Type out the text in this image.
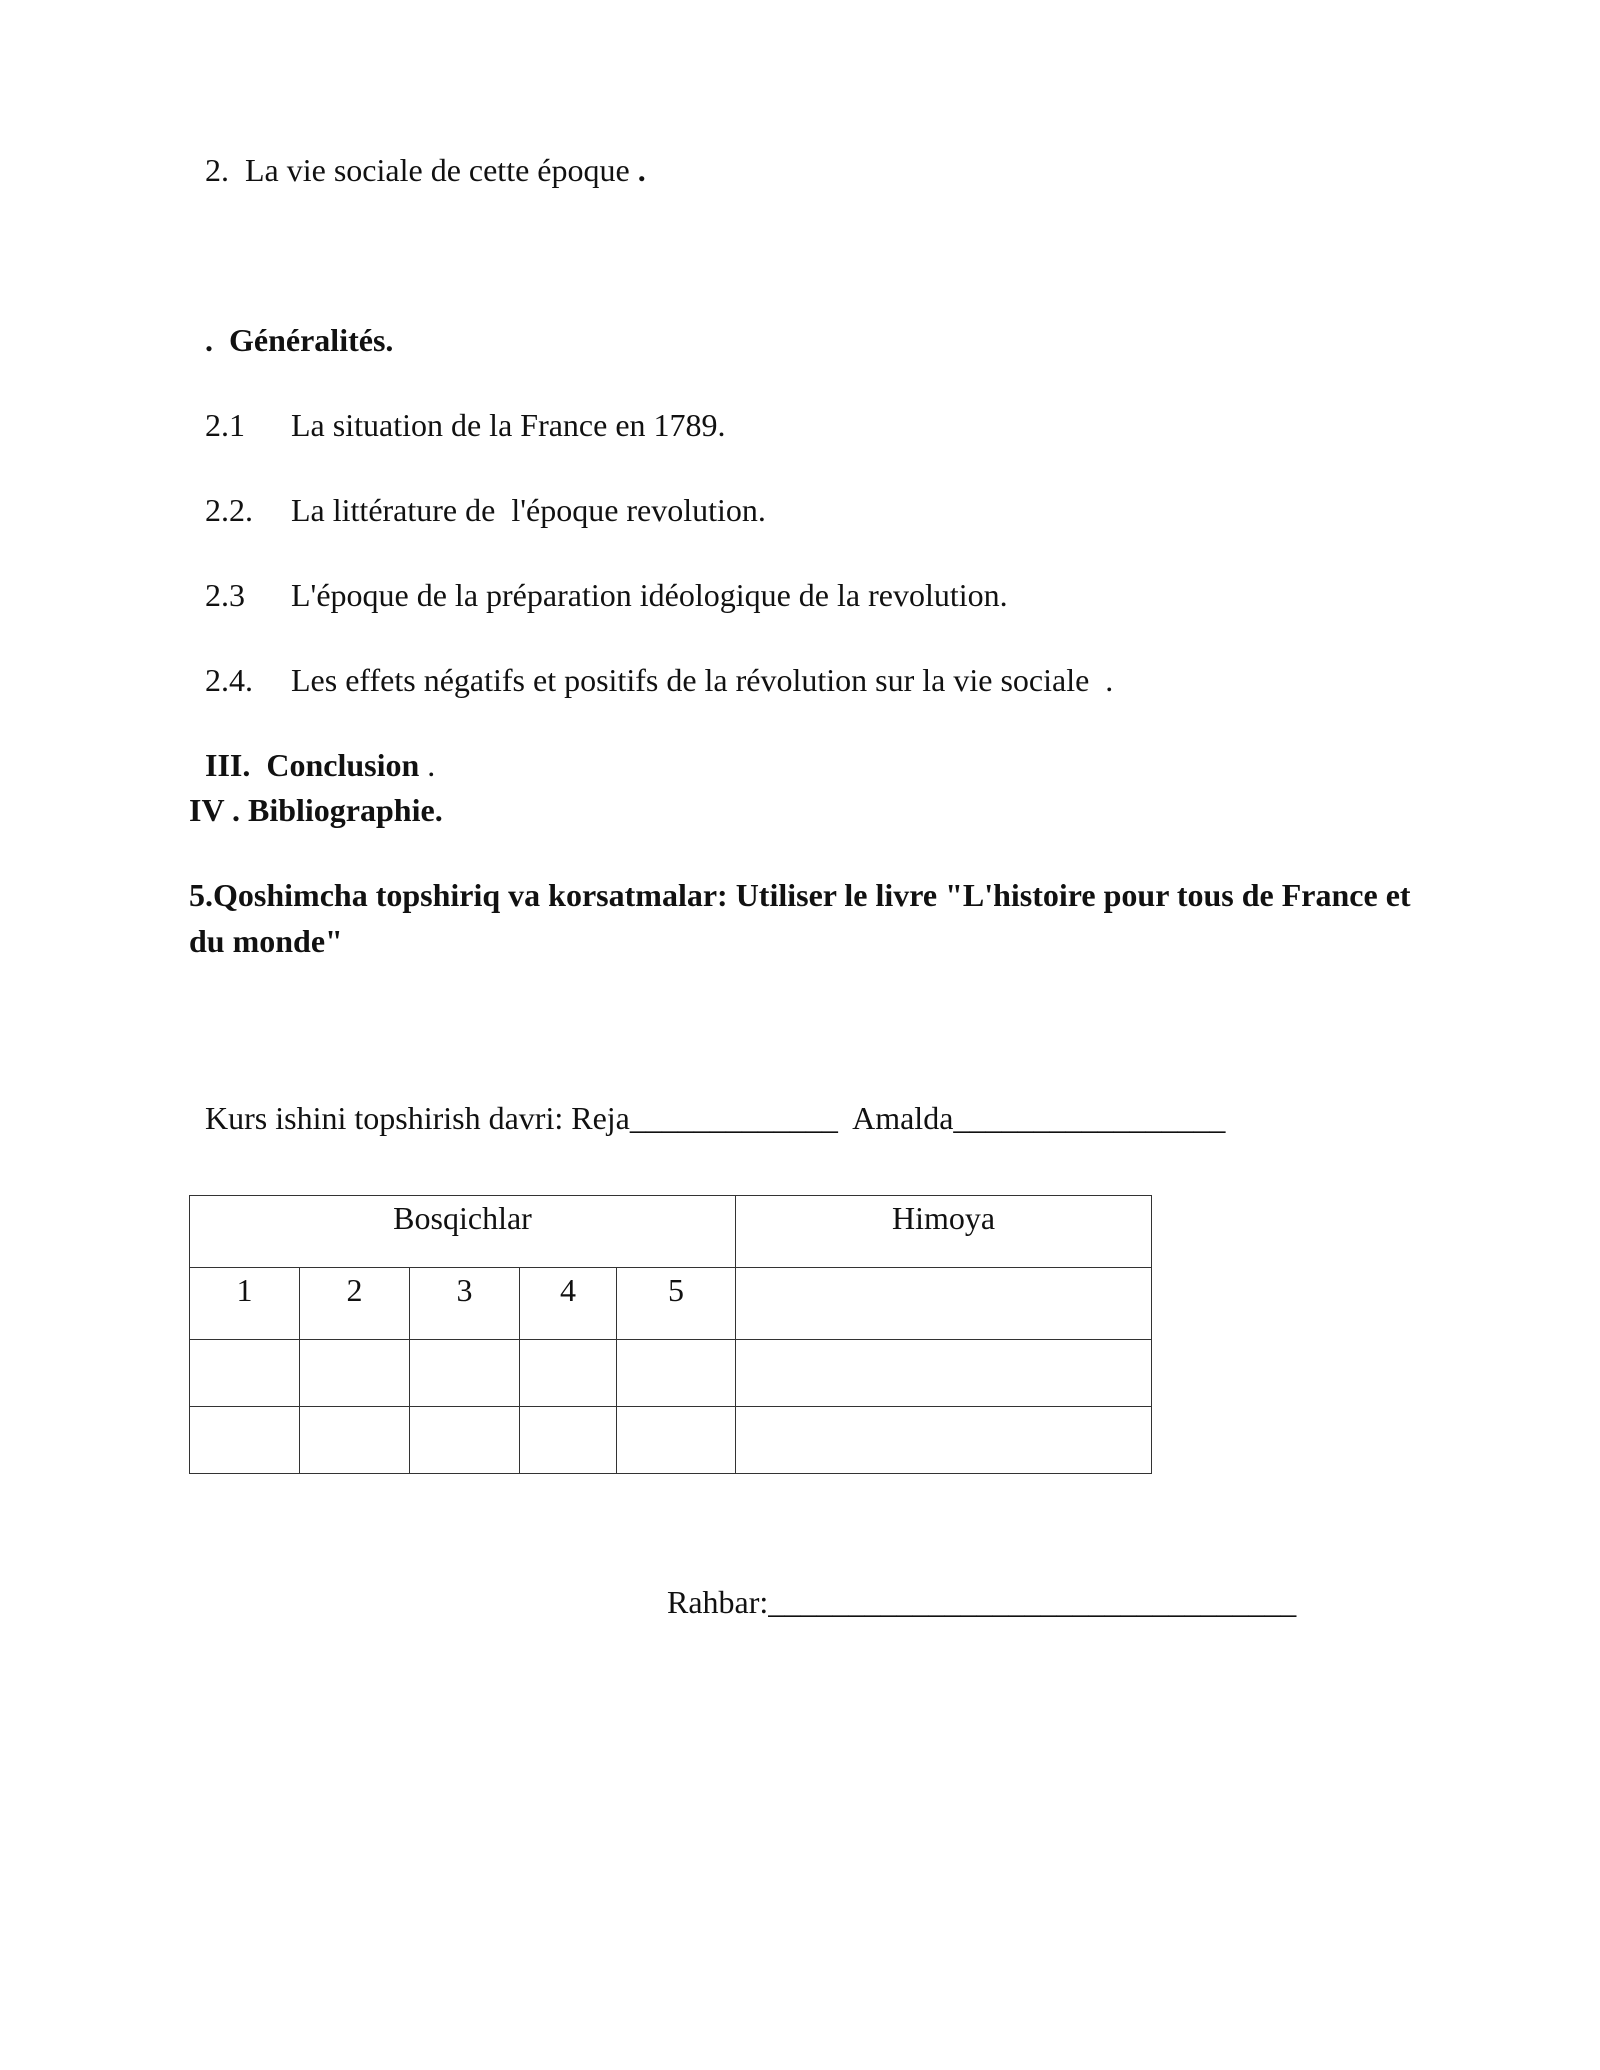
2. La vie sociale de cette époque .

. Généralités.

2.1 La situation de la France en 1789.

2.2. La littérature de  l'époque revolution.

2.3 L'époque de la préparation idéologique de la revolution.

2.4. Les effets négatifs et positifs de la révolution sur la vie sociale  .

III. Conclusion .

IV . Bibliographie.
5.Qoshimcha topshiriq va korsatmalar: Utiliser le livre "L'histoire pour tous de France et du monde"

Kurs ishini topshirish davri: Reja_____________ Amalda_________________

Bosqichlar					Himoya
1	2	3	4	5	

Rahbar:_________________________________
